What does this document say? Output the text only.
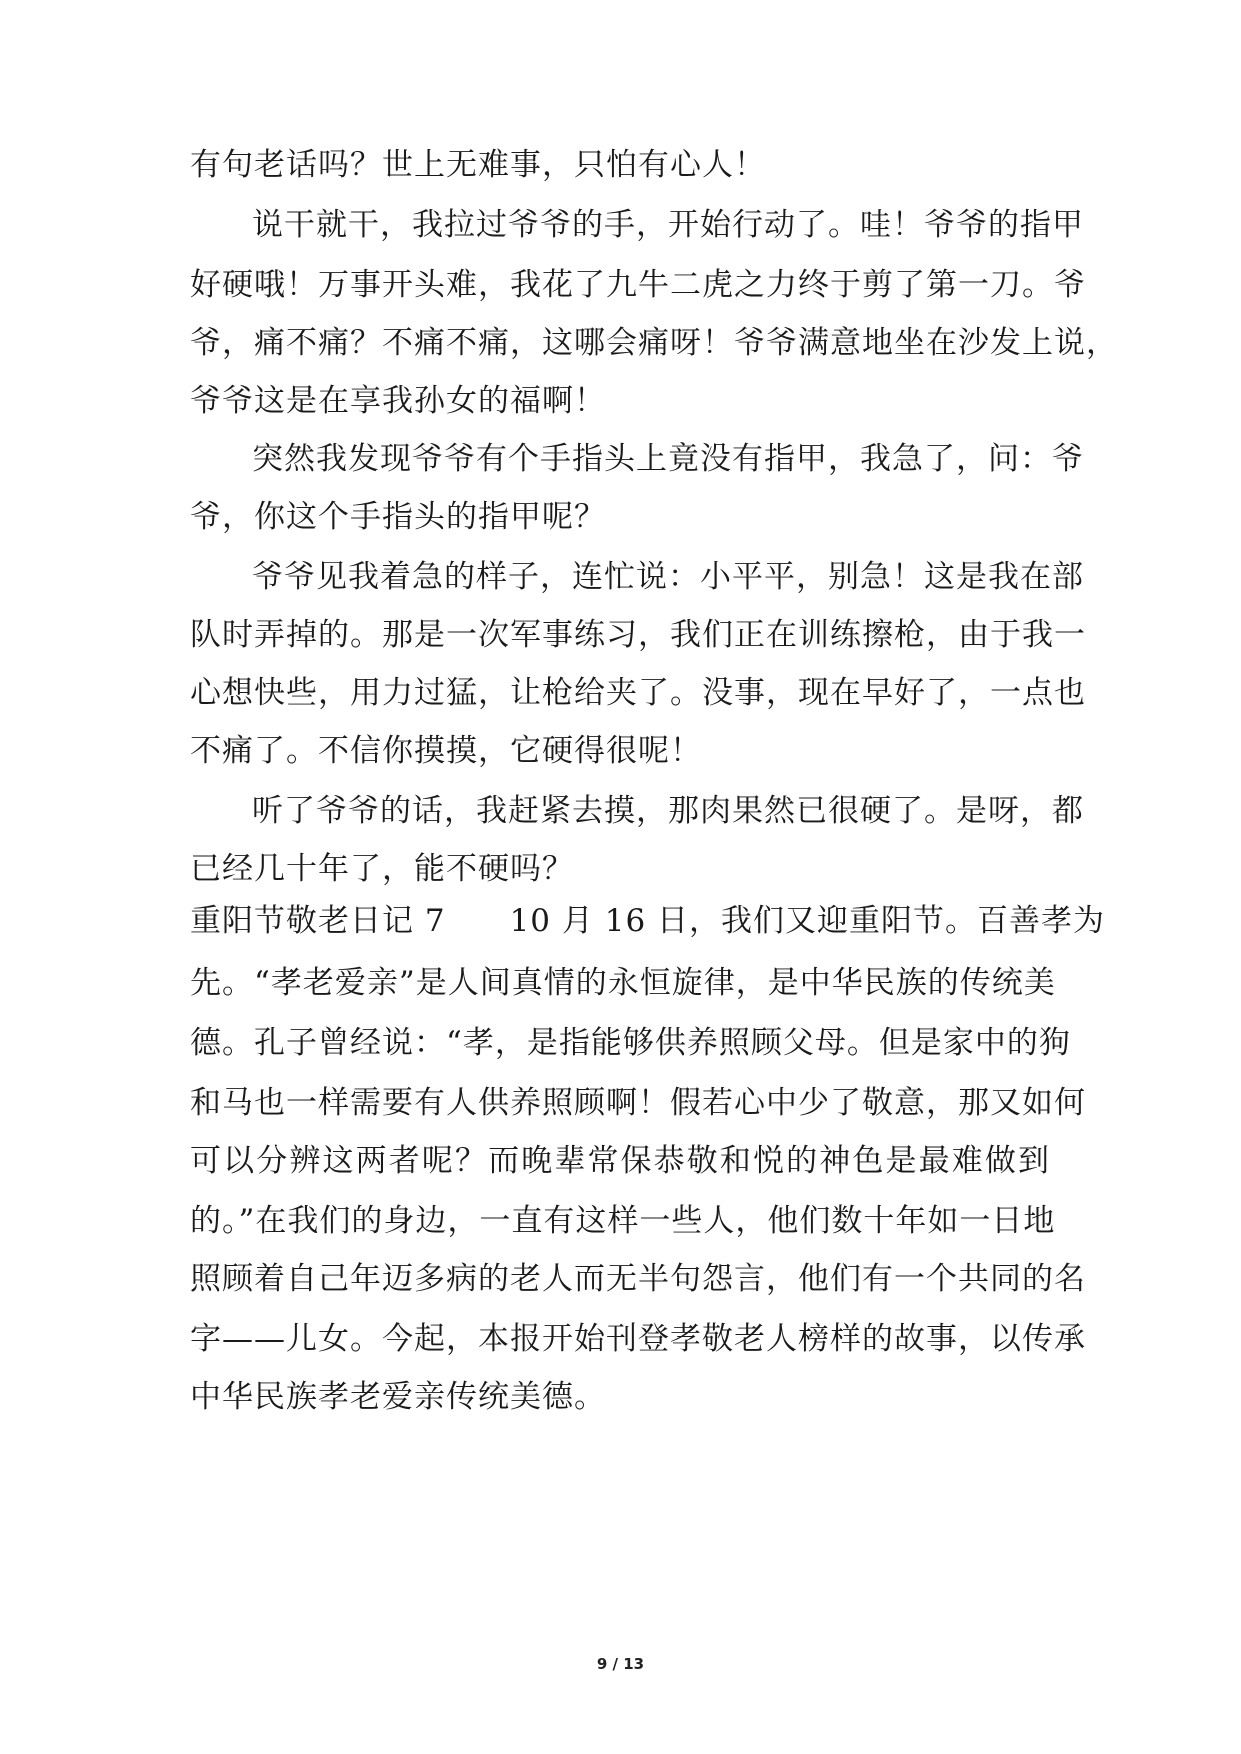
有句老话吗？世上无难事，只怕有心人！
说干就干，我拉过爷爷的手，开始行动了。哇！爷爷的指甲
好硬哦！万事开头难，我花了九牛二虎之力终于剪了第一刀。爷
爷，痛不痛？不痛不痛，这哪会痛呀！爷爷满意地坐在沙发上说，
爷爷这是在享我孙女的福啊！
突然我发现爷爷有个手指头上竟没有指甲，我急了，问：爷
爷，你这个手指头的指甲呢？
爷爷见我着急的样子，连忙说：小平平，别急！这是我在部
队时弄掉的。那是一次军事练习，我们正在训练擦枪，由于我一
心想快些，用力过猛，让枪给夹了。没事，现在早好了，一点也
不痛了。不信你摸摸，它硬得很呢！
听了爷爷的话，我赶紧去摸，那肉果然已很硬了。是呀，都
已经几十年了，能不硬吗？
重阳节敬老日记 7　　10 月 16 日，我们又迎重阳节。百善孝为
先。“孝老爱亲”是人间真情的永恒旋律，是中华民族的传统美
德。孔子曾经说：“孝，是指能够供养照顾父母。但是家中的狗
和马也一样需要有人供养照顾啊！假若心中少了敬意，那又如何
可以分辨这两者呢？而晚辈常保恭敬和悦的神色是最难做到
的。”在我们的身边，一直有这样一些人，他们数十年如一日地
照顾着自己年迈多病的老人而无半句怨言，他们有一个共同的名
字——儿女。今起，本报开始刊登孝敬老人榜样的故事，以传承
中华民族孝老爱亲传统美德。
9 / 13
